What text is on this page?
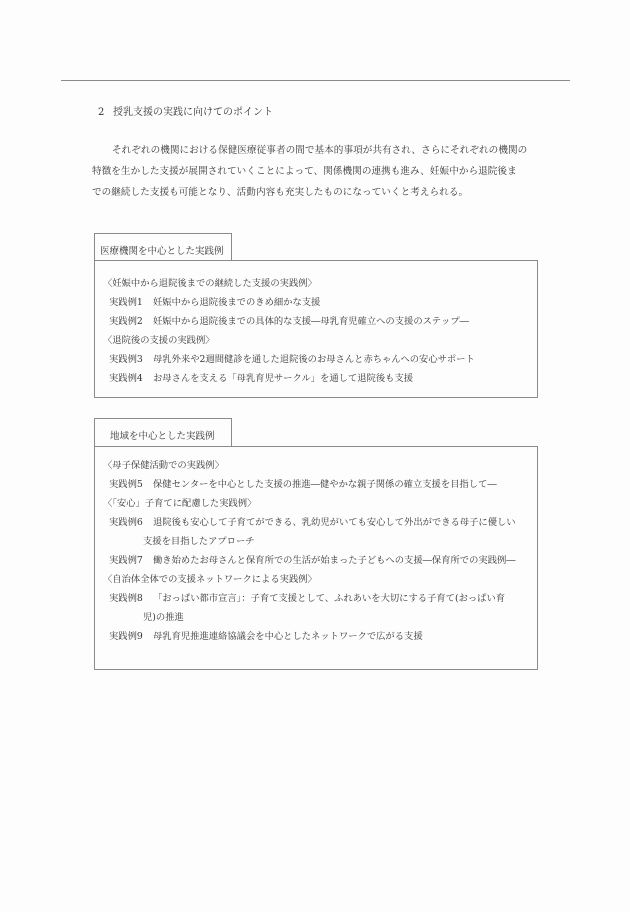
2 授乳支援の実践に向けてのポイント
それぞれの機関における保健医療従事者の間で基本的事項が共有され、さらにそれぞれの機関の
特徴を生かした支援が展開されていくことによって、関係機関の連携も進み、妊娠中から退院後ま
での継続した支援も可能となり、活動内容も充実したものになっていくと考えられる。
医療機関を中心とした実践例
〈妊娠中から退院後までの継続した支援の実践例〉
実践例1 妊娠中から退院後までのきめ細かな支援
実践例2 妊娠中から退院後までの具体的な支援―母乳育児確立への支援のステップ―
〈退院後の支援の実践例〉
実践例3 母乳外来や2週間健診を通した退院後のお母さんと赤ちゃんへの安心サポート
実践例4 お母さんを支える「母乳育児サークル」を通して退院後も支援
地域を中心とした実践例
〈母子保健活動での実践例〉
実践例5 保健センターを中心とした支援の推進―健やかな親子関係の確立支援を目指して―
〈「安心」子育てに配慮した実践例〉
実践例6 退院後も安心して子育てができる、乳幼児がいても安心して外出ができる母子に優しい
支援を目指したアプローチ
実践例7 働き始めたお母さんと保育所での生活が始まった子どもへの支援―保育所での実践例―
〈自治体全体での支援ネットワークによる実践例〉
実践例8 「おっぱい都市宣言」：子育て支援として、ふれあいを大切にする子育て(おっぱい育
児)の推進
実践例9 母乳育児推進連絡協議会を中心としたネットワークで広がる支援
